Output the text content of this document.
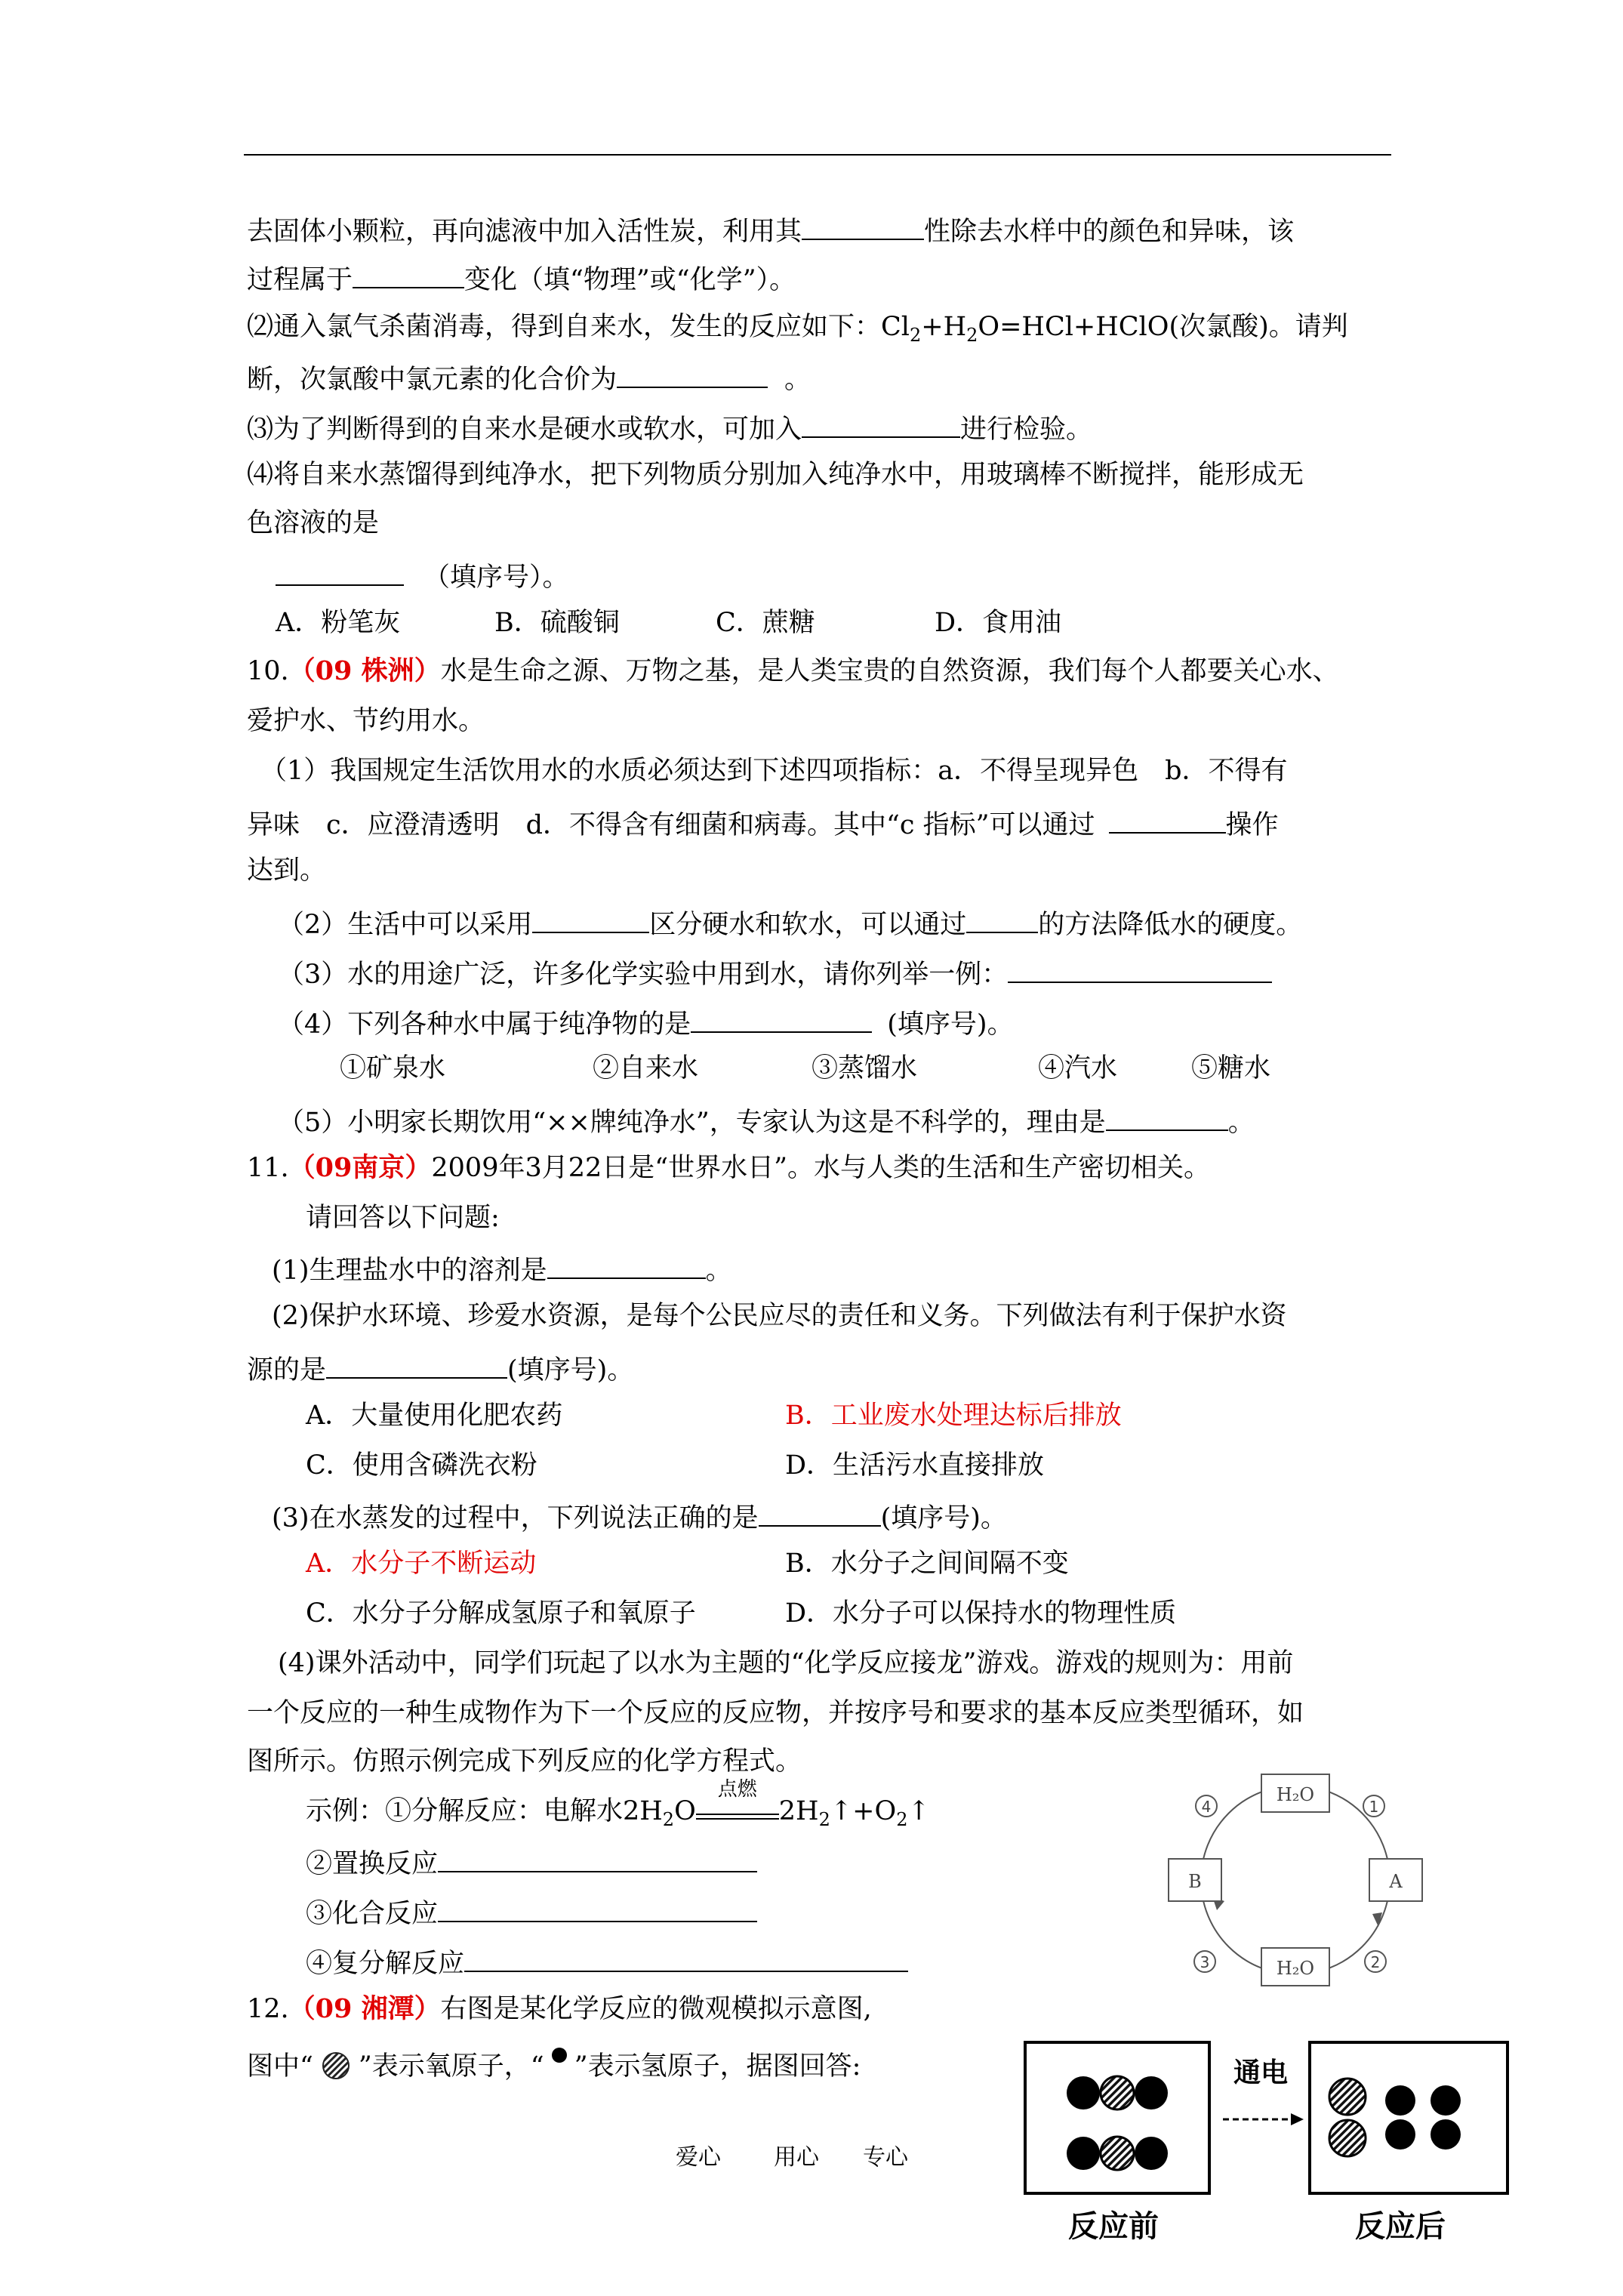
去固体小颗粒，再向滤液中加入活性炭，利用其	性除去水样中的颜色和异味，该
过程属于	变化（填“物理”或“化学”）。
⑵通入氯气杀菌消毒，得到自来水，发生的反应如下：$Cl_2+H_2O=HCl+HClO$(次氯酸)。请判
断，次氯酸中氯元素的化合价为	。
⑶为了判断得到的自来水是硬水或软水，可加入	进行检验。
⑷将自来水蒸馏得到纯净水，把下列物质分别加入纯净水中，用玻璃棒不断搅拌，能形成无
色溶液的是
（填序号）。
A．粉笔灰	B．硫酸铜	C．蔗糖	D．食用油
10.（09 株洲）水是生命之源、万物之基，是人类宝贵的自然资源，我们每个人都要关心水、
爱护水、节约用水。
（1）我国规定生活饮用水的水质必须达到下述四项指标：a．不得呈现异色　b．不得有
异味　c．应澄清透明　d．不得含有细菌和病毒。其中“c 指标”可以通过	操作
达到。
（2）生活中可以采用	区分硬水和软水，可以通过	的方法降低水的硬度。
（3）水的用途广泛，许多化学实验中用到水，请你列举一例：
（4）下列各种水中属于纯净物的是	(填序号)。
①矿泉水	②自来水	③蒸馏水	④汽水	⑤糖水
（5）小明家长期饮用“××牌纯净水”，专家认为这是不科学的，理由是	。
11.（09南京）2009年3月22日是“世界水日”。水与人类的生活和生产密切相关。
请回答以下问题:
(1)生理盐水中的溶剂是	。
(2)保护水环境、珍爱水资源，是每个公民应尽的责任和义务。下列做法有利于保护水资
源的是	(填序号)。
A．大量使用化肥农药	B．工业废水处理达标后排放
C．使用含磷洗衣粉	D．生活污水直接排放
(3)在水蒸发的过程中，下列说法正确的是	(填序号)。
A．水分子不断运动	B．水分子之间间隔不变
C．水分子分解成氢原子和氧原子	D．水分子可以保持水的物理性质
(4)课外活动中，同学们玩起了以水为主题的“化学反应接龙”游戏。游戏的规则为：用前
一个反应的一种生成物作为下一个反应的反应物，并按序号和要求的基本反应类型循环，如
图所示。仿照示例完成下列反应的化学方程式。
示例：①分解反应：电解水$2H_2O$
点燃
$2H_2↑+O_2↑$
②置换反应
③化合反应
④复分解反应
H₂O
A
H₂O
B
1
2
3
4
12.（09 湘潭）右图是某化学反应的微观模拟示意图,
图中“ ”表示氧原子，“ ”表示氢原子，据图回答:	通电
反应前	反应后
爱心 用心 专心
